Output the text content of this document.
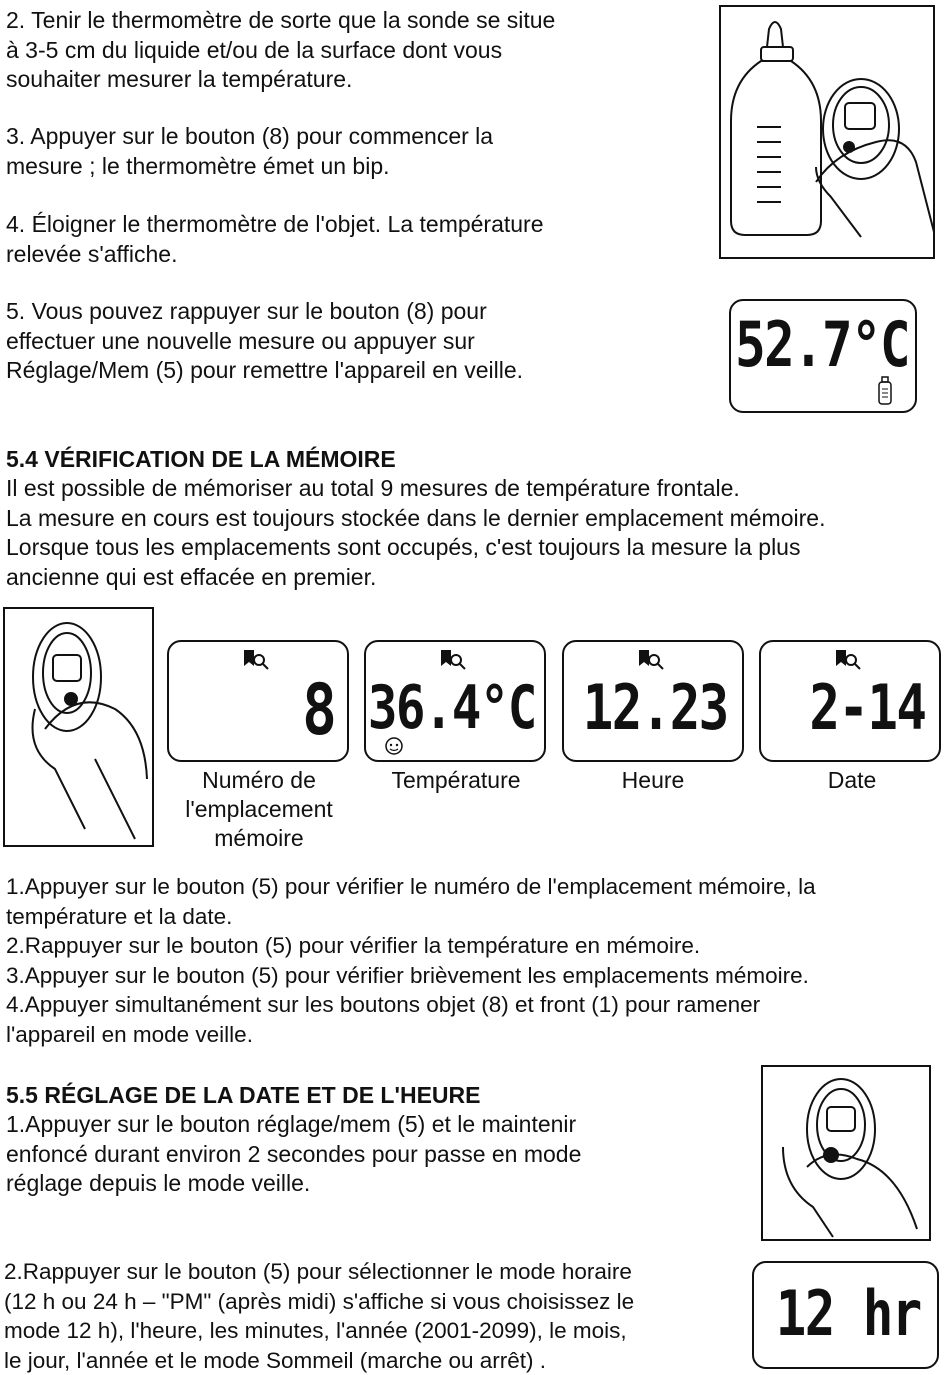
2. Tenir le thermomètre de sorte que la sonde se situe
à 3-5 cm du liquide et/ou de la surface dont vous
souhaiter mesurer la température.

3. Appuyer sur le bouton (8) pour commencer la
mesure ; le thermomètre émet un bip.

4. Éloigner le thermomètre de l'objet. La température
relevée s'affiche.

5. Vous pouvez rappuyer sur le bouton (8) pour
effectuer une nouvelle mesure ou appuyer sur
Réglage/Mem (5) pour remettre l'appareil en veille.	52.7°C
5.4 VÉRIFICATION DE LA MÉMOIRE

Il est possible de mémoriser au total 9 mesures de température frontale.
La mesure en cours est toujours stockée dans le dernier emplacement mémoire.
Lorsque tous les emplacements sont occupés, c'est toujours la mesure la plus
ancienne qui est effacée en premier.

8
Numéro de
l'emplacement
mémoire
36.4°C
Température
12.23
Heure
2-14
Date

1.Appuyer sur le bouton (5) pour vérifier le numéro de l'emplacement mémoire, la
température et la date.
2.Rappuyer sur le bouton (5) pour vérifier la température en mémoire.
3.Appuyer sur le bouton (5) pour vérifier brièvement les emplacements mémoire.
4.Appuyer simultanément sur les boutons objet (8) et front (1) pour ramener
l'appareil en mode veille.

5.5 RÉGLAGE DE LA DATE ET DE L'HEURE

1.Appuyer sur le bouton réglage/mem (5) et le maintenir
enfoncé durant environ 2 secondes pour passe en mode
réglage depuis le mode veille.

2.Rappuyer sur le bouton (5) pour sélectionner le mode horaire
(12 h ou 24 h – "PM" (après midi) s'affiche si vous choisissez le
mode 12 h), l'heure, les minutes, l'année (2001-2099), le mois,
le jour, l'année et le mode Sommeil (marche ou arrêt) .

12 hr
